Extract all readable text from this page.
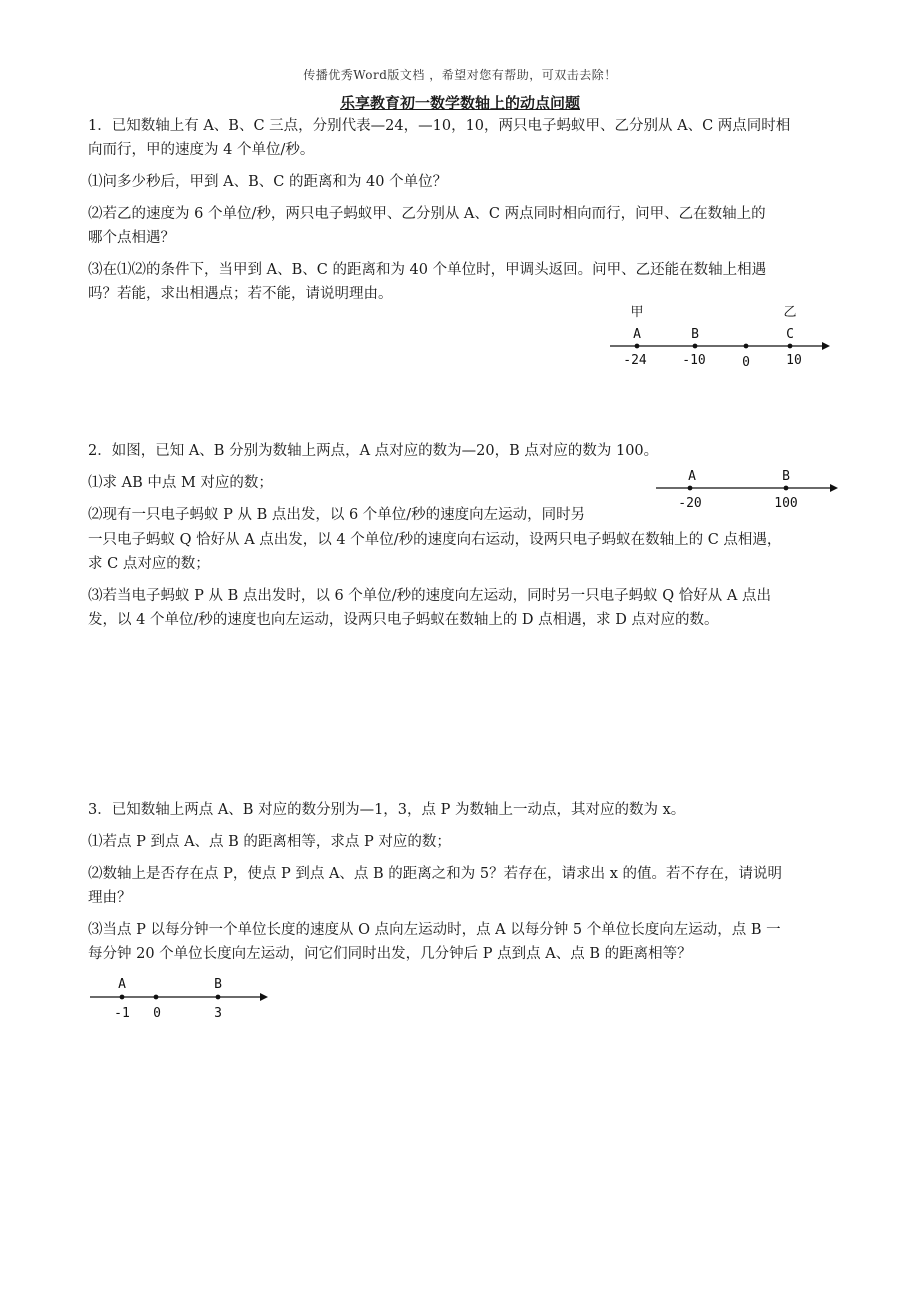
传播优秀Word版文档 ，希望对您有帮助，可双击去除！
乐享教育初一数学数轴上的动点问题
1．已知数轴上有 A、B、C 三点，分别代表—24，—10，10，两只电子蚂蚁甲、乙分别从 A、C 两点同时相
向而行，甲的速度为 4 个单位/秒。
⑴问多少秒后，甲到 A、B、C 的距离和为 40 个单位？
⑵若乙的速度为 6 个单位/秒，两只电子蚂蚁甲、乙分别从 A、C 两点同时相向而行，问甲、乙在数轴上的
哪个点相遇？
⑶在⑴⑵的条件下，当甲到 A、B、C 的距离和为 40 个单位时，甲调头返回。问甲、乙还能在数轴上相遇
吗？若能，求出相遇点；若不能，请说明理由。
甲	乙
A	B	C
-24	-10	0	10
2．如图，已知 A、B 分别为数轴上两点，A 点对应的数为—20，B 点对应的数为 100。
⑴求 AB 中点 M 对应的数；
⑵现有一只电子蚂蚁 P 从 B 点出发，以 6 个单位/秒的速度向左运动，同时另
一只电子蚂蚁 Q 恰好从 A 点出发，以 4 个单位/秒的速度向右运动，设两只电子蚂蚁在数轴上的 C 点相遇，
求 C 点对应的数；
⑶若当电子蚂蚁 P 从 B 点出发时，以 6 个单位/秒的速度向左运动，同时另一只电子蚂蚁 Q 恰好从 A 点出
发，以 4 个单位/秒的速度也向左运动，设两只电子蚂蚁在数轴上的 D 点相遇，求 D 点对应的数。
A	B
-20	100
3．已知数轴上两点 A、B 对应的数分别为—1，3，点 P 为数轴上一动点，其对应的数为 x。
⑴若点 P 到点 A、点 B 的距离相等，求点 P 对应的数；
⑵数轴上是否存在点 P，使点 P 到点 A、点 B 的距离之和为 5？若存在，请求出 x 的值。若不存在，请说明
理由？
⑶当点 P 以每分钟一个单位长度的速度从 O 点向左运动时，点 A 以每分钟 5 个单位长度向左运动，点 B 一
每分钟 20 个单位长度向左运动，问它们同时出发，几分钟后 P 点到点 A、点 B 的距离相等？
A	B
-1 0	3
